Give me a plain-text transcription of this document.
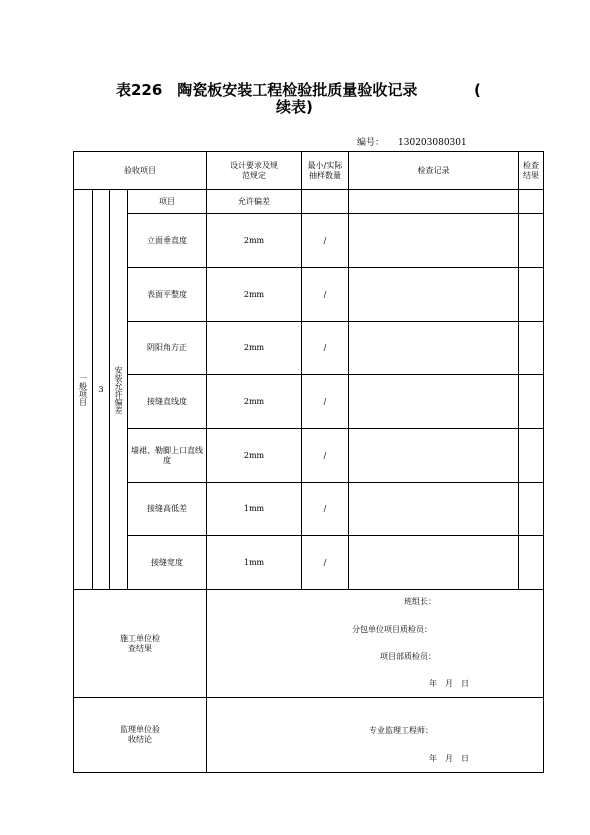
表226　陶瓷板安装工程检验批质量验收记录	(
续表)
编号： 130203080301
验收项目				设计要求及规范规定	最小/实际抽样数量	检查记录	检查结果

一般项目	3	安装允许偏差	项目	允许偏差			
			立面垂直度	2mm	/		
			表面平整度	2mm	/		
			阴阳角方正	2mm	/		
			接缝直线度	2mm	/		

			墙裙、勒脚上口直线度	2mm	/		
			接缝高低差	1mm	/		
			接缝宽度	1mm	/		

施工单位检查结果				班组长：
分包单位项目质检员：
项目部质检员：
年　月　日			

监理单位验收结论				专业监理工程师：
年　月　日			
